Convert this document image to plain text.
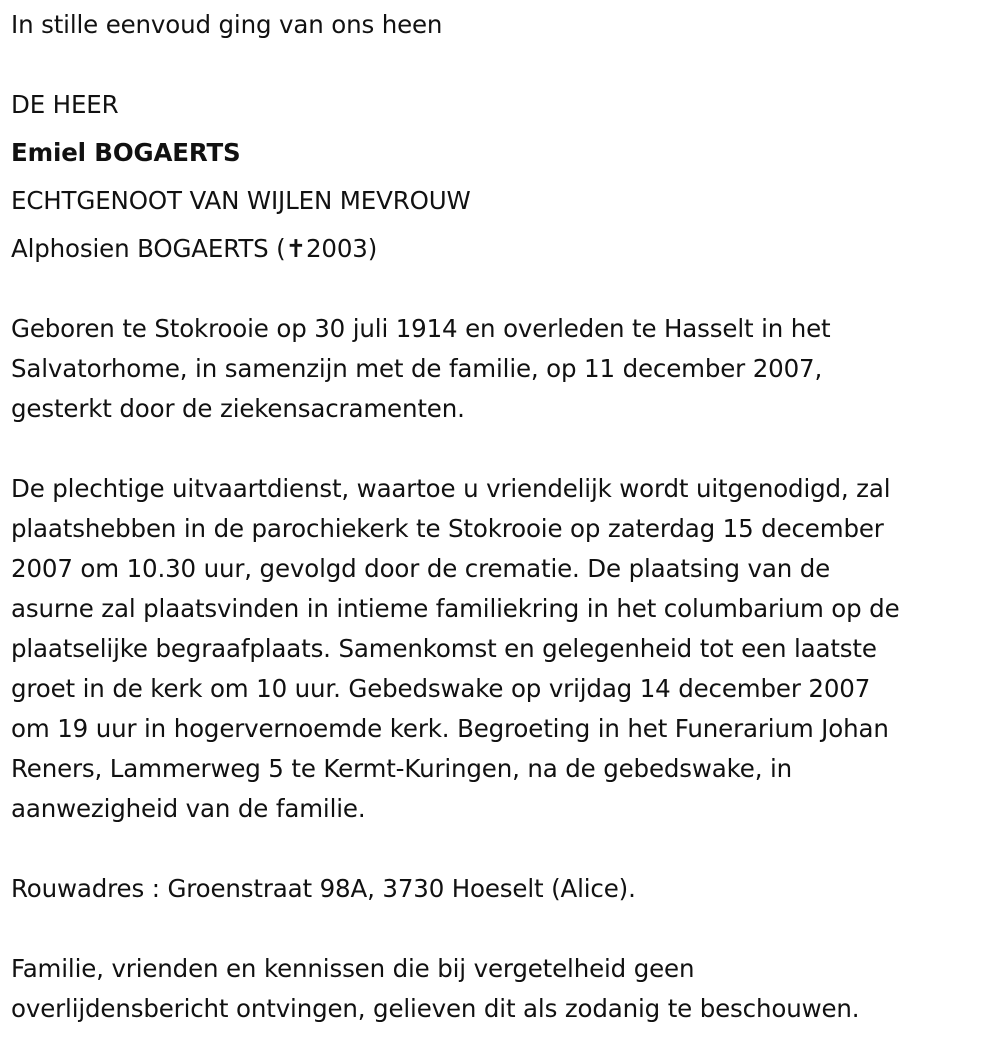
In stille eenvoud ging van ons heen
DE HEER
Emiel BOGAERTS
ECHTGENOOT VAN WIJLEN MEVROUW
Alphosien BOGAERTS (✝2003)
Geboren te Stokrooie op 30 juli 1914 en overleden te Hasselt in het
Salvatorhome, in samenzijn met de familie, op 11 december 2007,
gesterkt door de ziekensacramenten.
De plechtige uitvaartdienst, waartoe u vriendelijk wordt uitgenodigd, zal
plaatshebben in de parochiekerk te Stokrooie op zaterdag 15 december
2007 om 10.30 uur, gevolgd door de crematie. De plaatsing van de
asurne zal plaatsvinden in intieme familiekring in het columbarium op de
plaatselijke begraafplaats. Samenkomst en gelegenheid tot een laatste
groet in de kerk om 10 uur. Gebedswake op vrijdag 14 december 2007
om 19 uur in hogervernoemde kerk. Begroeting in het Funerarium Johan
Reners, Lammerweg 5 te Kermt-Kuringen, na de gebedswake, in
aanwezigheid van de familie.
Rouwadres : Groenstraat 98A, 3730 Hoeselt (Alice).
Familie, vrienden en kennissen die bij vergetelheid geen
overlijdensbericht ontvingen, gelieven dit als zodanig te beschouwen.
